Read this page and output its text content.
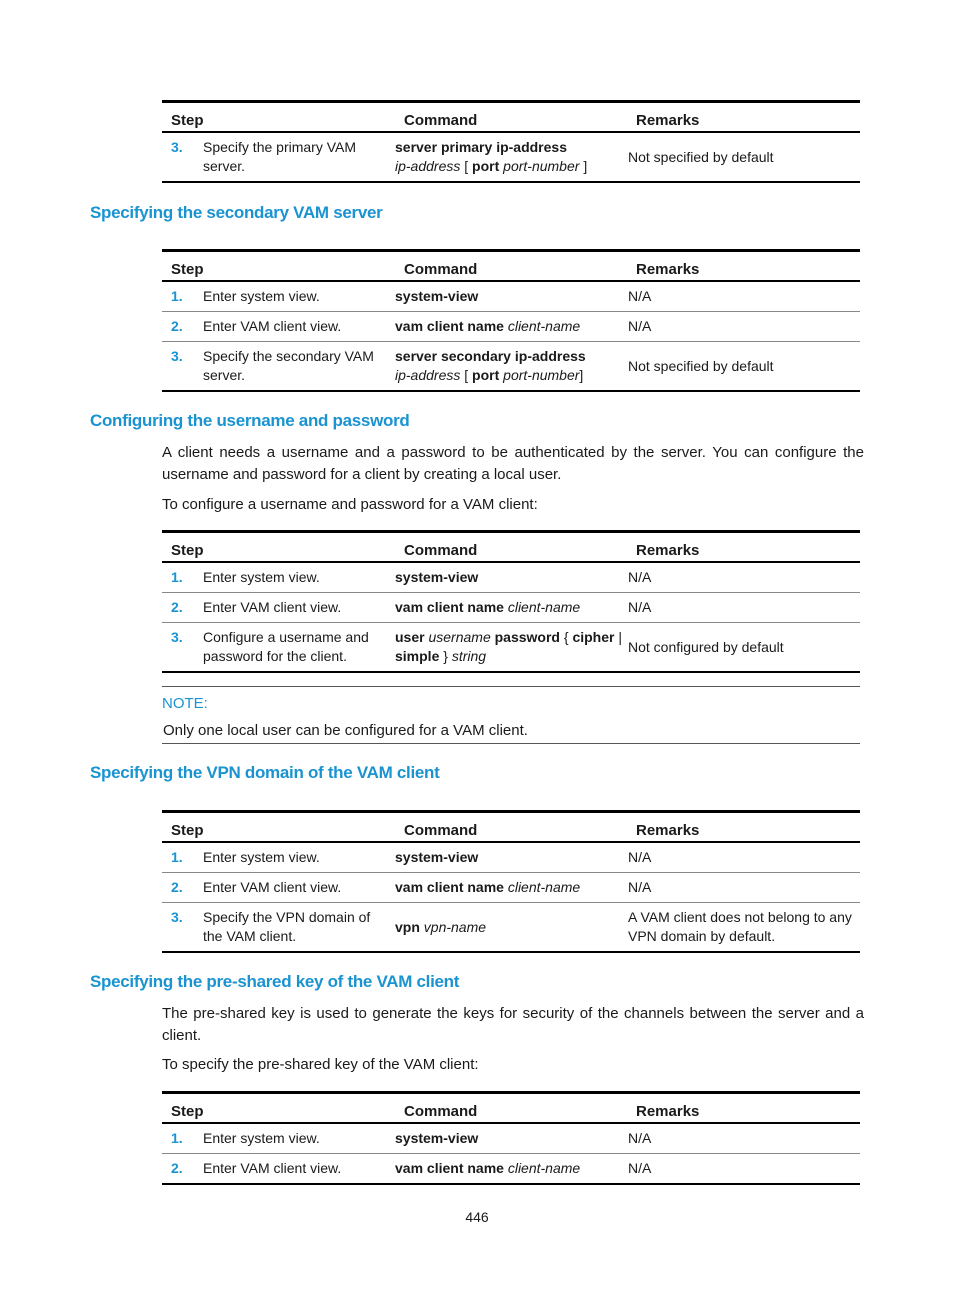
Step	Command	Remarks

3. Specify the primary VAM server.	server primary ip-address
ip-address [ port port-number ]	Not specified by default
Specifying the secondary VAM server
Step	Command	Remarks

1. Enter system view.	system-view	N/A

2. Enter VAM client view.	vam client name client-name	N/A

3. Specify the secondary VAM server.	server secondary ip-address
ip-address [ port port-number]	Not specified by default
Configuring the username and password

A client needs a username and a password to be authenticated by the server. You can configure the username and password for a client by creating a local user.

To configure a username and password for a VAM client:

Step	Command	Remarks

1. Enter system view.	system-view	N/A

2. Enter VAM client view.	vam client name client-name	N/A

3. Configure a username and password for the client.	user username password { cipher |
simple } string	Not configured by default
NOTE:
Only one local user can be configured for a VAM client.
Specifying the VPN domain of the VAM client
Step	Command	Remarks

1. Enter system view.	system-view	N/A

2. Enter VAM client view.	vam client name client-name	N/A

3. Specify the VPN domain of the VAM client.	vpn vpn-name	A VAM client does not belong to any VPN domain by default.
Specifying the pre-shared key of the VAM client

The pre-shared key is used to generate the keys for security of the channels between the server and a client.

To specify the pre-shared key of the VAM client:

Step	Command	Remarks

1. Enter system view.	system-view	N/A

2. Enter VAM client view.	vam client name client-name	N/A
446
